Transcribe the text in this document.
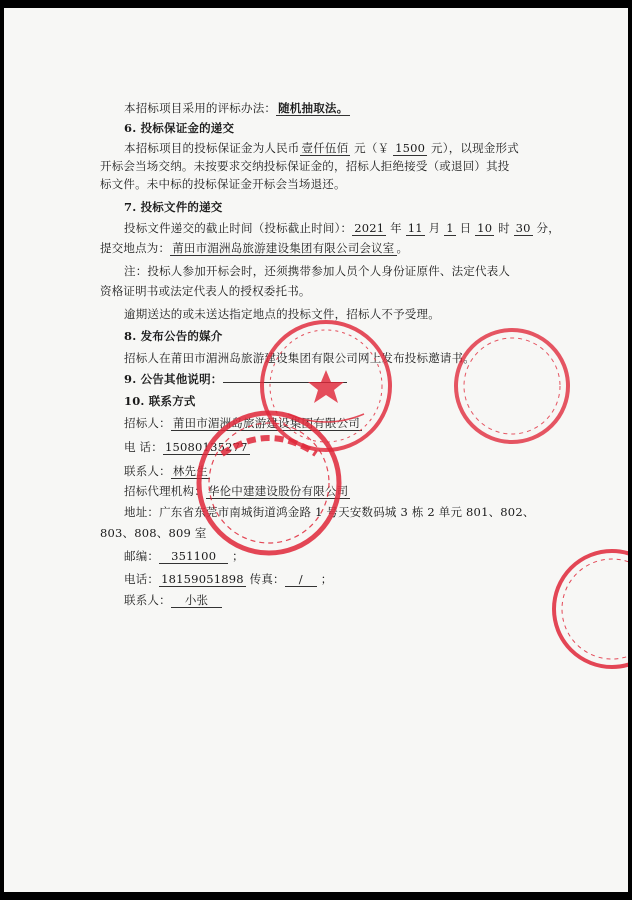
本招标项目采用的评标办法： 随机抽取法。
6. 投标保证金的递交
本招标项目的投标保证金为人民币 壹仟伍佰 元（￥ 1500 元），以现金形式
开标会当场交纳。未按要求交纳投标保证金的，招标人拒绝接受（或退回）其投
标文件。未中标的投标保证金开标会当场退还。
7. 投标文件的递交
投标文件递交的截止时间（投标截止时间）： 2021 年 11 月 1 日 10 时 30 分，
提交地点为： 莆田市湄洲岛旅游建设集团有限公司会议室 。
注：投标人参加开标会时，还须携带参加人员个人身份证原件、法定代表人
资格证明书或法定代表人的授权委托书。
逾期送达的或未送达指定地点的投标文件，招标人不予受理。
8. 发布公告的媒介
招标人在莆田市湄洲岛旅游建设集团有限公司网上发布投标邀请书。
9. 公告其他说明：
10. 联系方式
招标人： 莆田市湄洲岛旅游建设集团有限公司
电 话： 15080135277
联系人： 林先生
招标代理机构： 华伦中建建设股份有限公司
地址：广东省东莞市南城街道鸿金路 1 号天安数码城 3 栋 2 单元 801、802、
803、808、809 室
邮编： 351100 ；
电话： 18159051898 传真： / ；
联系人： 小张
